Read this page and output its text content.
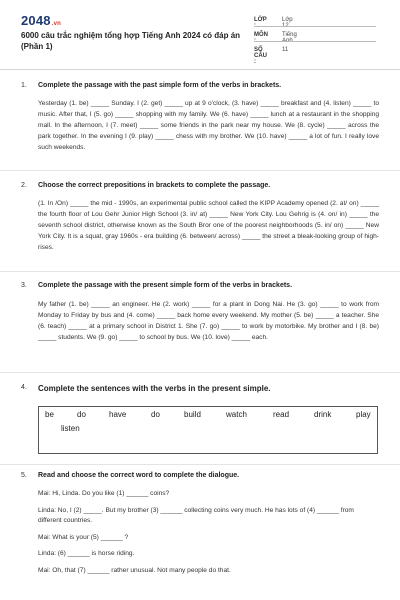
2048.vn
6000 câu trắc nghiệm tổng hợp Tiếng Anh 2024 có đáp án (Phần 1)
LỚP :
Lớp 12
MÔN :
Tiếng Anh
SỐ CÂU :
11
1. Complete the passage with the past simple form of the verbs in brackets.

Yesterday (1. be) _____ Sunday. I (2. get) _____ up at 9 o'clock, (3. have) _____ breakfast and (4. listen) _____ to music. After that, I (5. go) _____ shopping with my family. We (6. have) _____ lunch at a restaurant in the shopping mall. In the afternoon, I (7. meet) _____ some friends in the park near my house. We (8. cycle) _____ across the park together. In the evening I (9. play) _____ chess with my brother. We (10. have) _____ a lot of fun. I really love such weekends.

2. Choose the correct prepositions in brackets to complete the passage.

(1. In /On) _____ the mid - 1990s, an experimental public school called the KIPP Academy opened (2. at/ on) _____ the fourth floor of Lou Gehr Junior High School (3. in/ at) _____ New York City. Lou Gehrig is (4. on/ in) _____ the seventh school district, otherwise known as the South Bror one of the poorest neighborhoods (5. in/ on) _____ New York City. It is a squat, gray 1960s - era building (6. between/ across) _____ the street a bleak-looking group of high-rises.

3. Complete the passage with the present simple form of the verbs in brackets.

My father (1. be) _____ an engineer. He (2. work) _____ for a plant in Dong Nai. He (3. go) _____ to work from Monday to Friday by bus and (4. come) _____ back home every weekend. My mother (5. be) _____ a teacher. She (6. teach) _____ at a primary school in District 1. She (7. go) _____ to work by motorbike. My brother and I (8. be) _____ students. We (9. go) _____ to school by bus. We (10. love) _____ each.

4. Complete the sentences with the verbs in the present simple.
be	do	have	do	build	watch	read	drink	play
listen
5. Read and choose the correct word to complete the dialogue.

Mai: Hi, Linda. Do you like (1) ______ coins?

Linda: No, I (2) _____. But my brother (3) ______ collecting coins very much. He has lots of (4) ______ from different countries.

Mai: What is your (5) ______ ?

Linda: (6) ______ is horse riding.

Mai: Oh, that (7) ______ rather unusual. Not many people do that.
